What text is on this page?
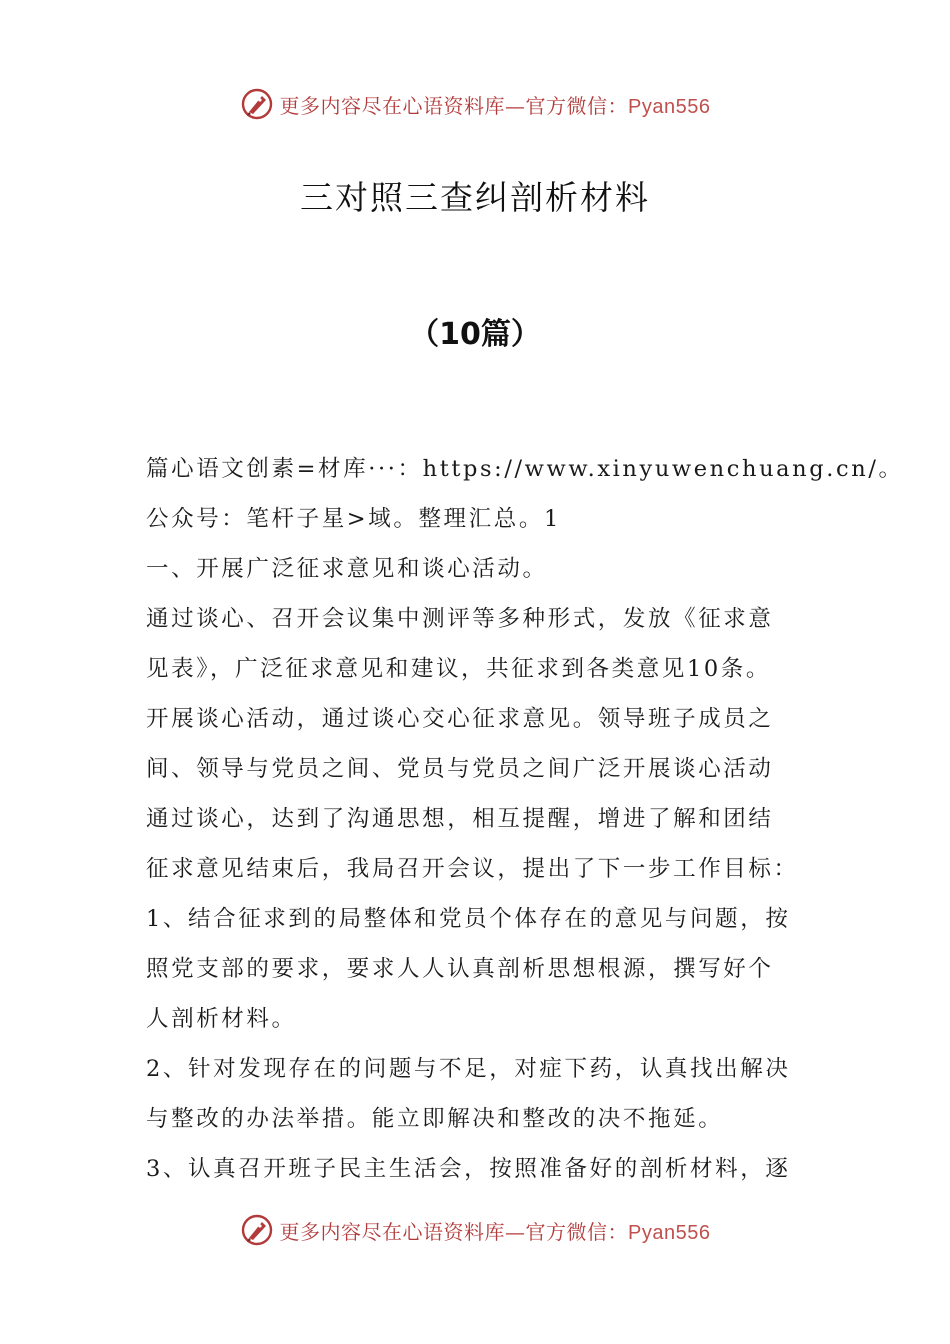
更多内容尽在心语资料库—官方微信：Pyan556
三对照三查纠剖析材料
（10篇）
篇心语文创素=材库···：https://www.xinyuwenchuang.cn/。
公众号：笔杆子星>域。整理汇总。1
一、开展广泛征求意见和谈心活动。
通过谈心、召开会议集中测评等多种形式，发放《征求意
见表》，广泛征求意见和建议，共征求到各类意见10条。
开展谈心活动，通过谈心交心征求意见。领导班子成员之
间、领导与党员之间、党员与党员之间广泛开展谈心活动
通过谈心，达到了沟通思想，相互提醒，增进了解和团结
征求意见结束后，我局召开会议，提出了下一步工作目标：
1、结合征求到的局整体和党员个体存在的意见与问题，按
照党支部的要求，要求人人认真剖析思想根源，撰写好个
人剖析材料。
2、针对发现存在的问题与不足，对症下药，认真找出解决
与整改的办法举措。能立即解决和整改的决不拖延。
3、认真召开班子民主生活会，按照准备好的剖析材料，逐
更多内容尽在心语资料库—官方微信：Pyan556
